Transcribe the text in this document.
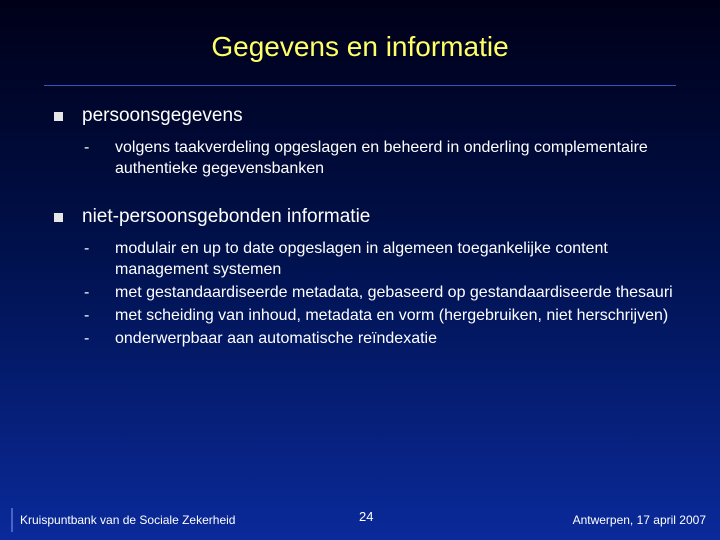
Gegevens en informatie
persoonsgegevens
-	volgens taakverdeling opgeslagen en beheerd in onderling complementaire authentieke gegevensbanken
niet-persoonsgebonden informatie
-	modulair en up to date opgeslagen in algemeen toegankelijke content management systemen
-	met gestandaardiseerde metadata, gebaseerd op gestandaardiseerde thesauri
-	met scheiding van inhoud, metadata en vorm (hergebruiken, niet herschrijven)
-	onderwerpbaar aan automatische reïndexatie
Kruispuntbank van de Sociale Zekerheid	24	Antwerpen, 17 april 2007
